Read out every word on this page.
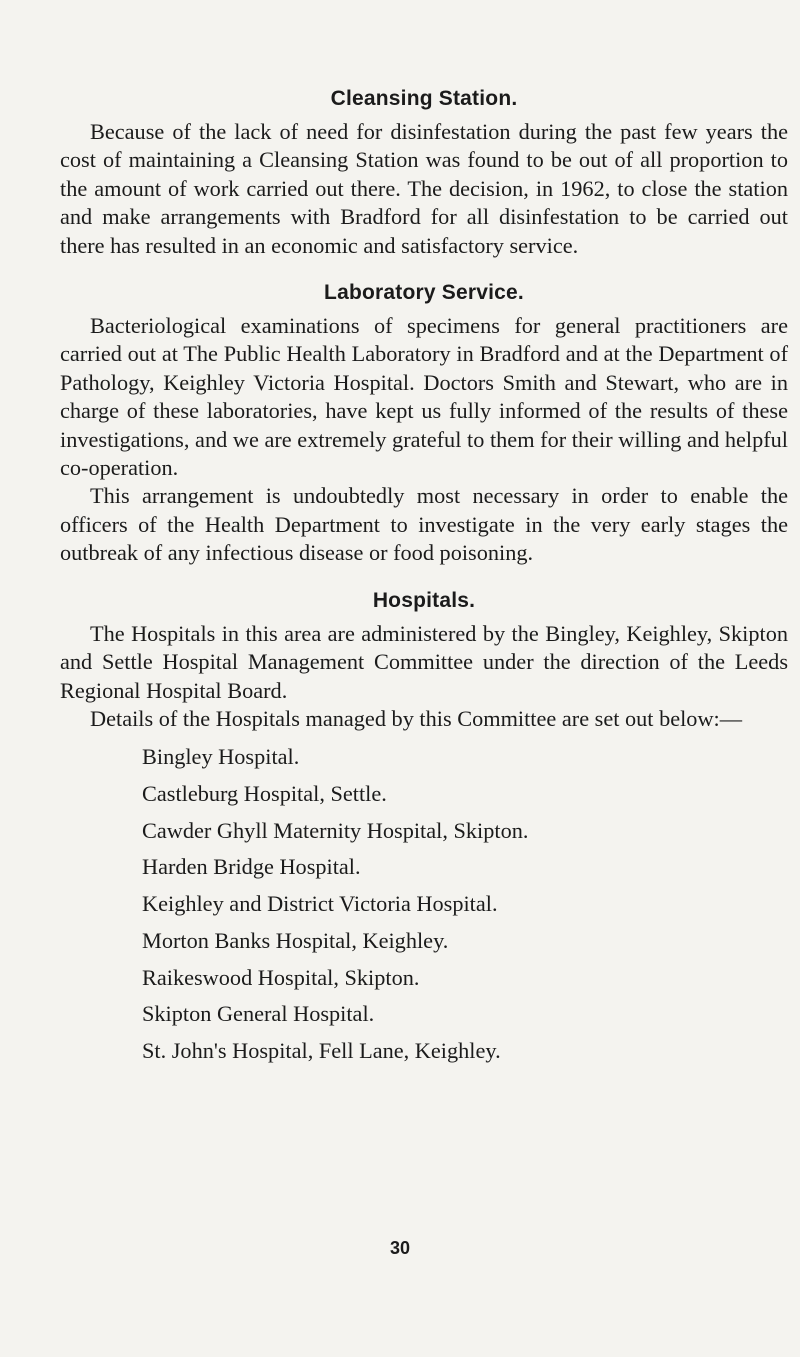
Cleansing Station.

Because of the lack of need for disinfestation during the past few years the cost of maintaining a Cleansing Station was found to be out of all proportion to the amount of work carried out there. The decision, in 1962, to close the station and make arrangements with Bradford for all disinfestation to be carried out there has resulted in an economic and satisfactory service.

Laboratory Service.

Bacteriological examinations of specimens for general practitioners are carried out at The Public Health Laboratory in Bradford and at the Department of Pathology, Keighley Victoria Hospital. Doctors Smith and Stewart, who are in charge of these laboratories, have kept us fully informed of the results of these investigations, and we are extremely grateful to them for their willing and helpful co-operation.

This arrangement is undoubtedly most necessary in order to enable the officers of the Health Department to investigate in the very early stages the outbreak of any infectious disease or food poisoning.

Hospitals.

The Hospitals in this area are administered by the Bingley, Keighley, Skipton and Settle Hospital Management Committee under the direction of the Leeds Regional Hospital Board.

Details of the Hospitals managed by this Committee are set out below:—

Bingley Hospital.
Castleburg Hospital, Settle.
Cawder Ghyll Maternity Hospital, Skipton.
Harden Bridge Hospital.
Keighley and District Victoria Hospital.
Morton Banks Hospital, Keighley.
Raikeswood Hospital, Skipton.
Skipton General Hospital.
St. John's Hospital, Fell Lane, Keighley.
30
